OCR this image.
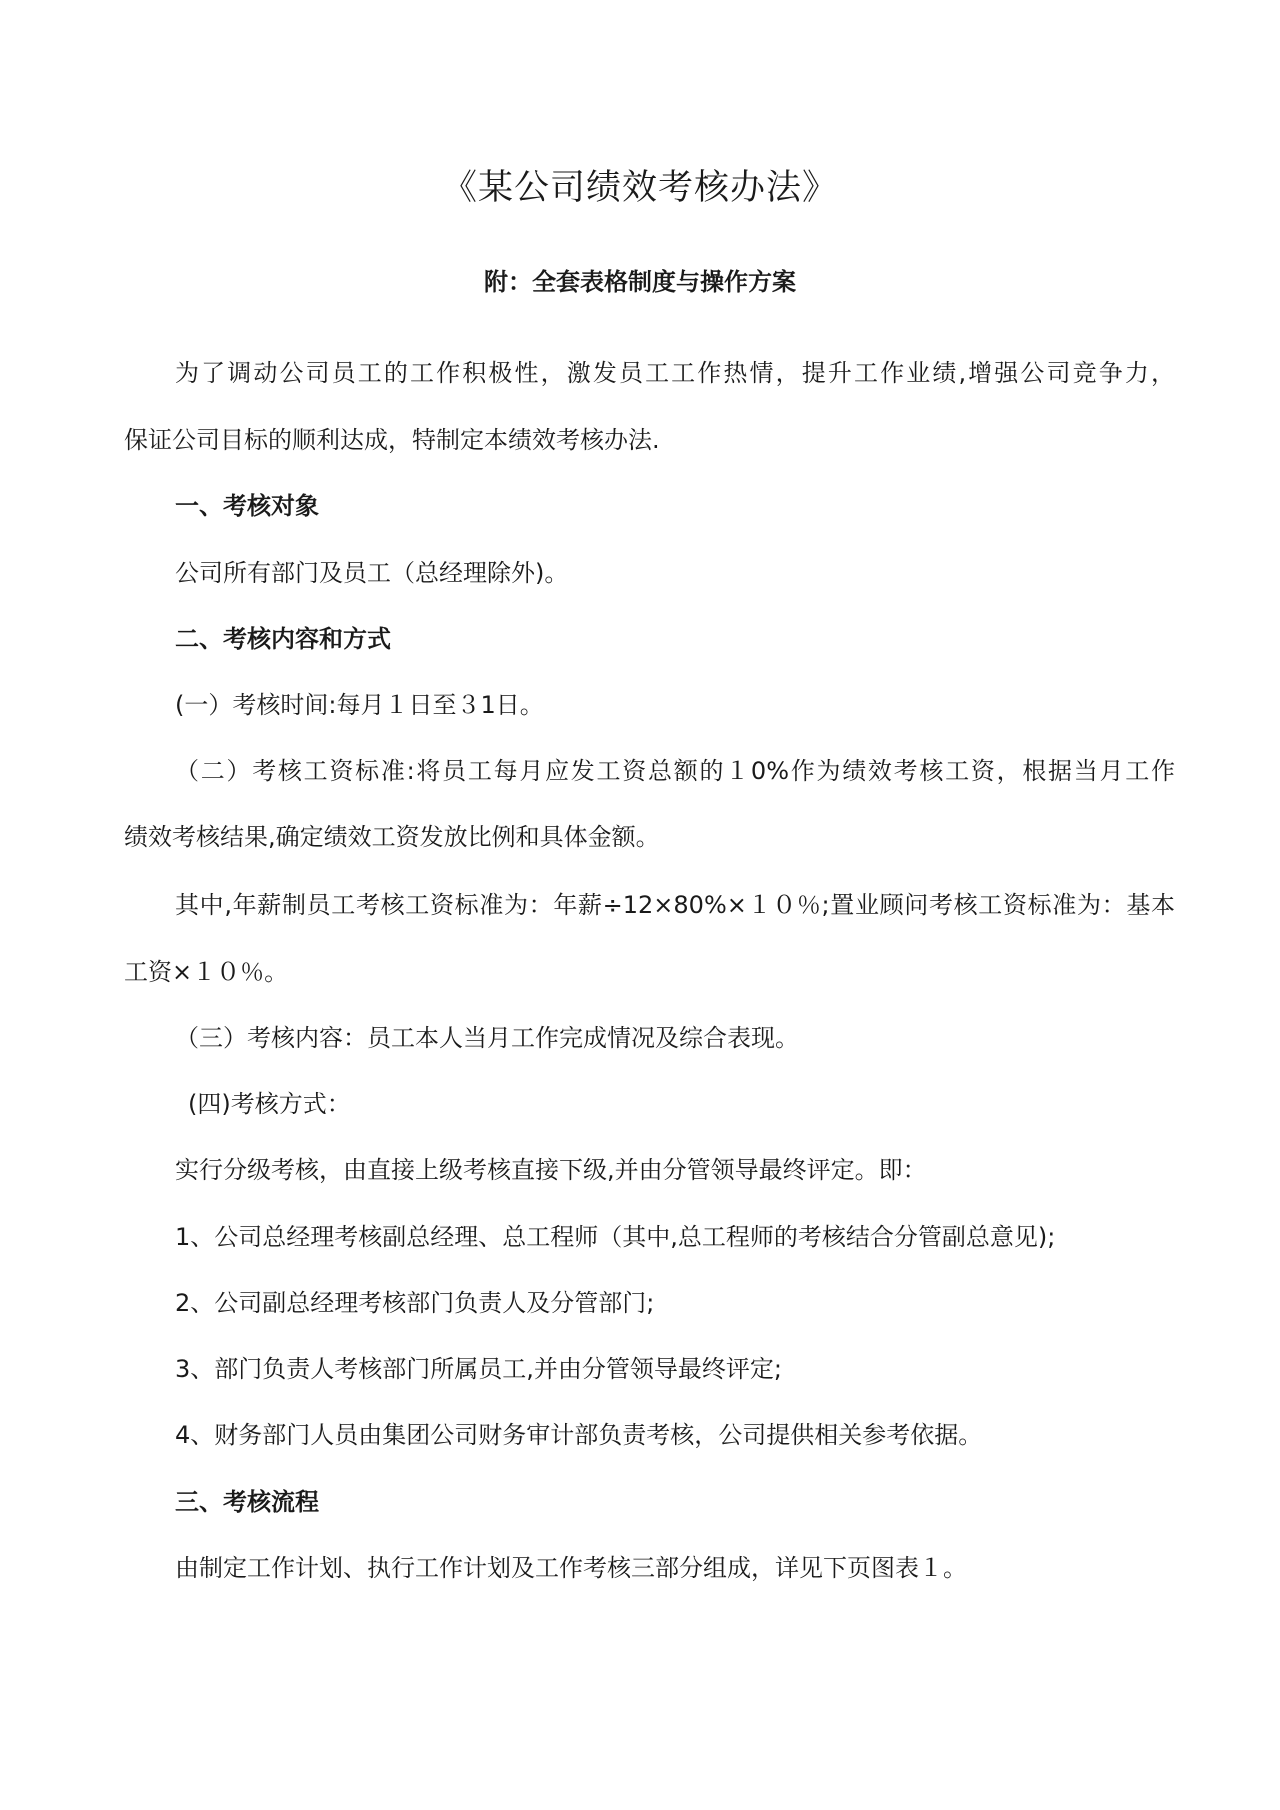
《某公司绩效考核办法》
附：全套表格制度与操作方案

为了调动公司员工的工作积极性，激发员工工作热情，提升工作业绩,增强公司竞争力，

保证公司目标的顺利达成，特制定本绩效考核办法.

一、考核对象

公司所有部门及员工（总经理除外)。

二、考核内容和方式

(一）考核时间:每月１日至３1日。

（二）考核工资标准:将员工每月应发工资总额的１0%作为绩效考核工资，根据当月工作

绩效考核结果,确定绩效工资发放比例和具体金额。

其中,年薪制员工考核工资标准为：年薪÷12×80%×１０％;置业顾问考核工资标准为：基本

工资×１０％。

（三）考核内容：员工本人当月工作完成情况及综合表现。

(四)考核方式：

实行分级考核，由直接上级考核直接下级,并由分管领导最终评定。即：

1、公司总经理考核副总经理、总工程师（其中,总工程师的考核结合分管副总意见);

2、公司副总经理考核部门负责人及分管部门;

3、部门负责人考核部门所属员工,并由分管领导最终评定;

4、财务部门人员由集团公司财务审计部负责考核，公司提供相关参考依据。

三、考核流程

由制定工作计划、执行工作计划及工作考核三部分组成，详见下页图表１。
